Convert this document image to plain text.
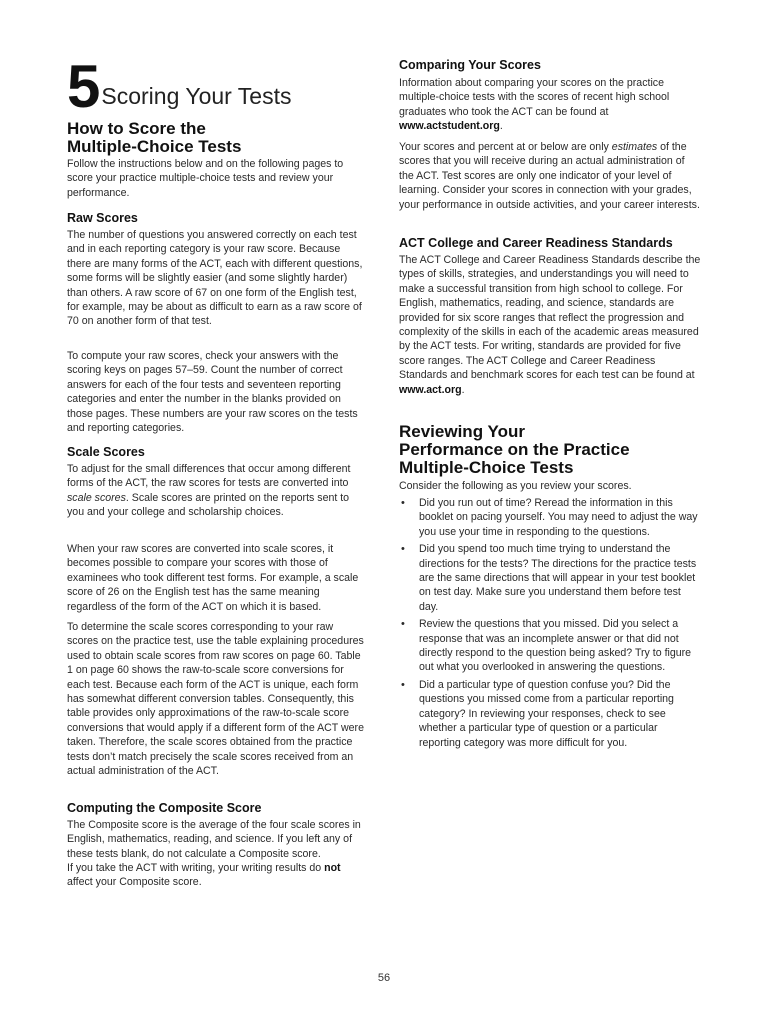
5 Scoring Your Tests
How to Score the
Multiple-Choice Tests

Follow the instructions below and on the following pages to score your practice multiple-choice tests and review your performance.

Raw Scores

The number of questions you answered correctly on each test and in each reporting category is your raw score. Because there are many forms of the ACT, each with different questions, some forms will be slightly easier (and some slightly harder) than others. A raw score of 67 on one form of the English test, for example, may be about as difficult to earn as a raw score of 70 on another form of that test.

To compute your raw scores, check your answers with the scoring keys on pages 57–59. Count the number of correct answers for each of the four tests and seventeen reporting categories and enter the number in the blanks provided on those pages. These numbers are your raw scores on the tests and reporting categories.

Scale Scores

To adjust for the small differences that occur among different forms of the ACT, the raw scores for tests are converted into scale scores. Scale scores are printed on the reports sent to you and your college and scholarship choices.

When your raw scores are converted into scale scores, it becomes possible to compare your scores with those of examinees who took different test forms. For example, a scale score of 26 on the English test has the same meaning regardless of the form of the ACT on which it is based.

To determine the scale scores corresponding to your raw scores on the practice test, use the table explaining procedures used to obtain scale scores from raw scores on page 60. Table 1 on page 60 shows the raw-to-scale score conversions for each test. Because each form of the ACT is unique, each form has somewhat different conversion tables. Consequently, this table provides only approximations of the raw-to-scale score conversions that would apply if a different form of the ACT were taken. Therefore, the scale scores obtained from the practice tests don’t match precisely the scale scores received from an actual administration of the ACT.

Computing the Composite Score

The Composite score is the average of the four scale scores in English, mathematics, reading, and science. If you left any of these tests blank, do not calculate a Composite score.

If you take the ACT with writing, your writing results do not affect your Composite score.

Comparing Your Scores

Information about comparing your scores on the practice multiple-choice tests with the scores of recent high school graduates who took the ACT can be found at www.actstudent.org.

Your scores and percent at or below are only estimates of the scores that you will receive during an actual administration of the ACT. Test scores are only one indicator of your level of learning. Consider your scores in connection with your grades, your performance in outside activities, and your career interests.

ACT College and Career Readiness Standards

The ACT College and Career Readiness Standards describe the types of skills, strategies, and understandings you will need to make a successful transition from high school to college. For English, mathematics, reading, and science, standards are provided for six score ranges that reflect the progression and complexity of the skills in each of the academic areas measured by the ACT tests. For writing, standards are provided for five score ranges. The ACT College and Career Readiness Standards and benchmark scores for each test can be found at www.act.org.

Reviewing Your
Performance on the Practice
Multiple-Choice Tests

Consider the following as you review your scores.

• Did you run out of time? Reread the information in this booklet on pacing yourself. You may need to adjust the way you use your time in responding to the questions.
• Did you spend too much time trying to understand the directions for the tests? The directions for the practice tests are the same directions that will appear in your test booklet on test day. Make sure you understand them before test day.
• Review the questions that you missed. Did you select a response that was an incomplete answer or that did not directly respond to the question being asked? Try to figure out what you overlooked in answering the questions.
• Did a particular type of question confuse you? Did the questions you missed come from a particular reporting category? In reviewing your responses, check to see whether a particular type of question or a particular reporting category was more difficult for you.
56
